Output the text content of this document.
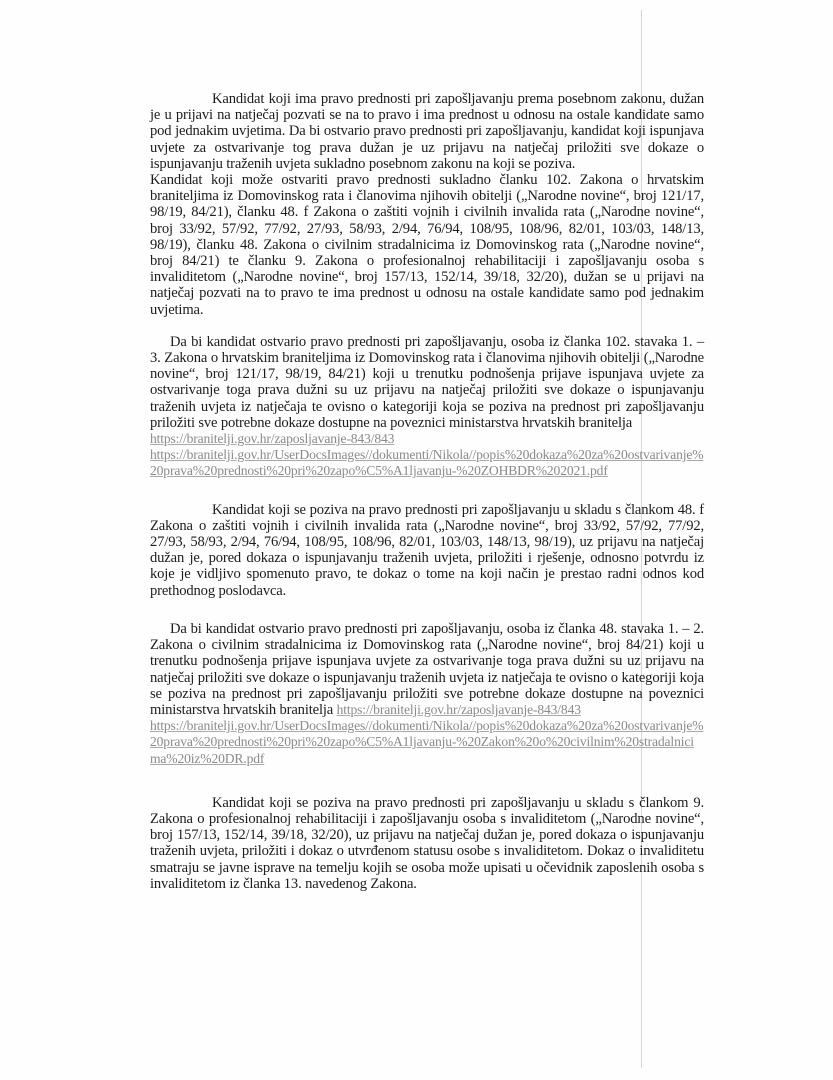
Kandidat koji ima pravo prednosti pri zapošljavanju prema posebnom zakonu, dužan je u prijavi na natječaj pozvati se na to pravo i ima prednost u odnosu na ostale kandidate samo pod jednakim uvjetima. Da bi ostvario pravo prednosti pri zapošljavanju, kandidat koji ispunjava uvjete za ostvarivanje tog prava dužan je uz prijavu na natječaj priložiti sve dokaze o ispunjavanju traženih uvjeta sukladno posebnom zakonu na koji se poziva.

Kandidat koji može ostvariti pravo prednosti sukladno članku 102. Zakona o hrvatskim braniteljima iz Domovinskog rata i članovima njihovih obitelji („Narodne novine“, broj 121/17, 98/19, 84/21), članku 48. f Zakona o zaštiti vojnih i civilnih invalida rata („Narodne novine“, broj 33/92, 57/92, 77/92, 27/93, 58/93, 2/94, 76/94, 108/95, 108/96, 82/01, 103/03, 148/13, 98/19), članku 48. Zakona o civilnim stradalnicima iz Domovinskog rata („Narodne novine“, broj 84/21) te članku 9. Zakona o profesionalnoj rehabilitaciji i zapošljavanju osoba s invaliditetom („Narodne novine“, broj 157/13, 152/14, 39/18, 32/20), dužan se u prijavi na natječaj pozvati na to pravo te ima prednost u odnosu na ostale kandidate samo pod jednakim uvjetima.

Da bi kandidat ostvario pravo prednosti pri zapošljavanju, osoba iz članka 102. stavaka 1. – 3. Zakona o hrvatskim braniteljima iz Domovinskog rata i članovima njihovih obitelji („Narodne novine“, broj 121/17, 98/19, 84/21) koji u trenutku podnošenja prijave ispunjava uvjete za ostvarivanje toga prava dužni su uz prijavu na natječaj priložiti sve dokaze o ispunjavanju traženih uvjeta iz natječaja te ovisno o kategoriji koja se poziva na prednost pri zapošljavanju priložiti sve potrebne dokaze dostupne na poveznici ministarstva hrvatskih branitelja

https://branitelji.gov.hr/zaposljavanje-843/843
https://branitelji.gov.hr/UserDocsImages//dokumenti/Nikola//popis%20dokaza%20za%20ostvarivanje%20prava%20prednosti%20pri%20zapo%C5%A1ljavanju-%20ZOHBDR%202021.pdf

Kandidat koji se poziva na pravo prednosti pri zapošljavanju u skladu s člankom 48. f Zakona o zaštiti vojnih i civilnih invalida rata („Narodne novine“, broj 33/92, 57/92, 77/92, 27/93, 58/93, 2/94, 76/94, 108/95, 108/96, 82/01, 103/03, 148/13, 98/19), uz prijavu na natječaj dužan je, pored dokaza o ispunjavanju traženih uvjeta, priložiti i rješenje, odnosno potvrdu iz koje je vidljivo spomenuto pravo, te dokaz o tome na koji način je prestao radni odnos kod prethodnog poslodavca.

Da bi kandidat ostvario pravo prednosti pri zapošljavanju, osoba iz članka 48. stavaka 1. – 2. Zakona o civilnim stradalnicima iz Domovinskog rata („Narodne novine“, broj 84/21) koji u trenutku podnošenja prijave ispunjava uvjete za ostvarivanje toga prava dužni su uz prijavu na natječaj priložiti sve dokaze o ispunjavanju traženih uvjeta iz natječaja te ovisno o kategoriji koja se poziva na prednost pri zapošljavanju priložiti sve potrebne dokaze dostupne na poveznici ministarstva hrvatskih branitelja https://branitelji.gov.hr/zaposljavanje-843/843

https://branitelji.gov.hr/UserDocsImages//dokumenti/Nikola//popis%20dokaza%20za%20ostvarivanje%20prava%20prednosti%20pri%20zapo%C5%A1ljavanju-%20Zakon%20o%20civilnim%20stradalnicima%20iz%20DR.pdf

Kandidat koji se poziva na pravo prednosti pri zapošljavanju u skladu s člankom 9. Zakona o profesionalnoj rehabilitaciji i zapošljavanju osoba s invaliditetom („Narodne novine“, broj 157/13, 152/14, 39/18, 32/20), uz prijavu na natječaj dužan je, pored dokaza o ispunjavanju traženih uvjeta, priložiti i dokaz o utvrđenom statusu osobe s invaliditetom. Dokaz o invaliditetu smatraju se javne isprave na temelju kojih se osoba može upisati u očevidnik zaposlenih osoba s invaliditetom iz članka 13. navedenog Zakona.
